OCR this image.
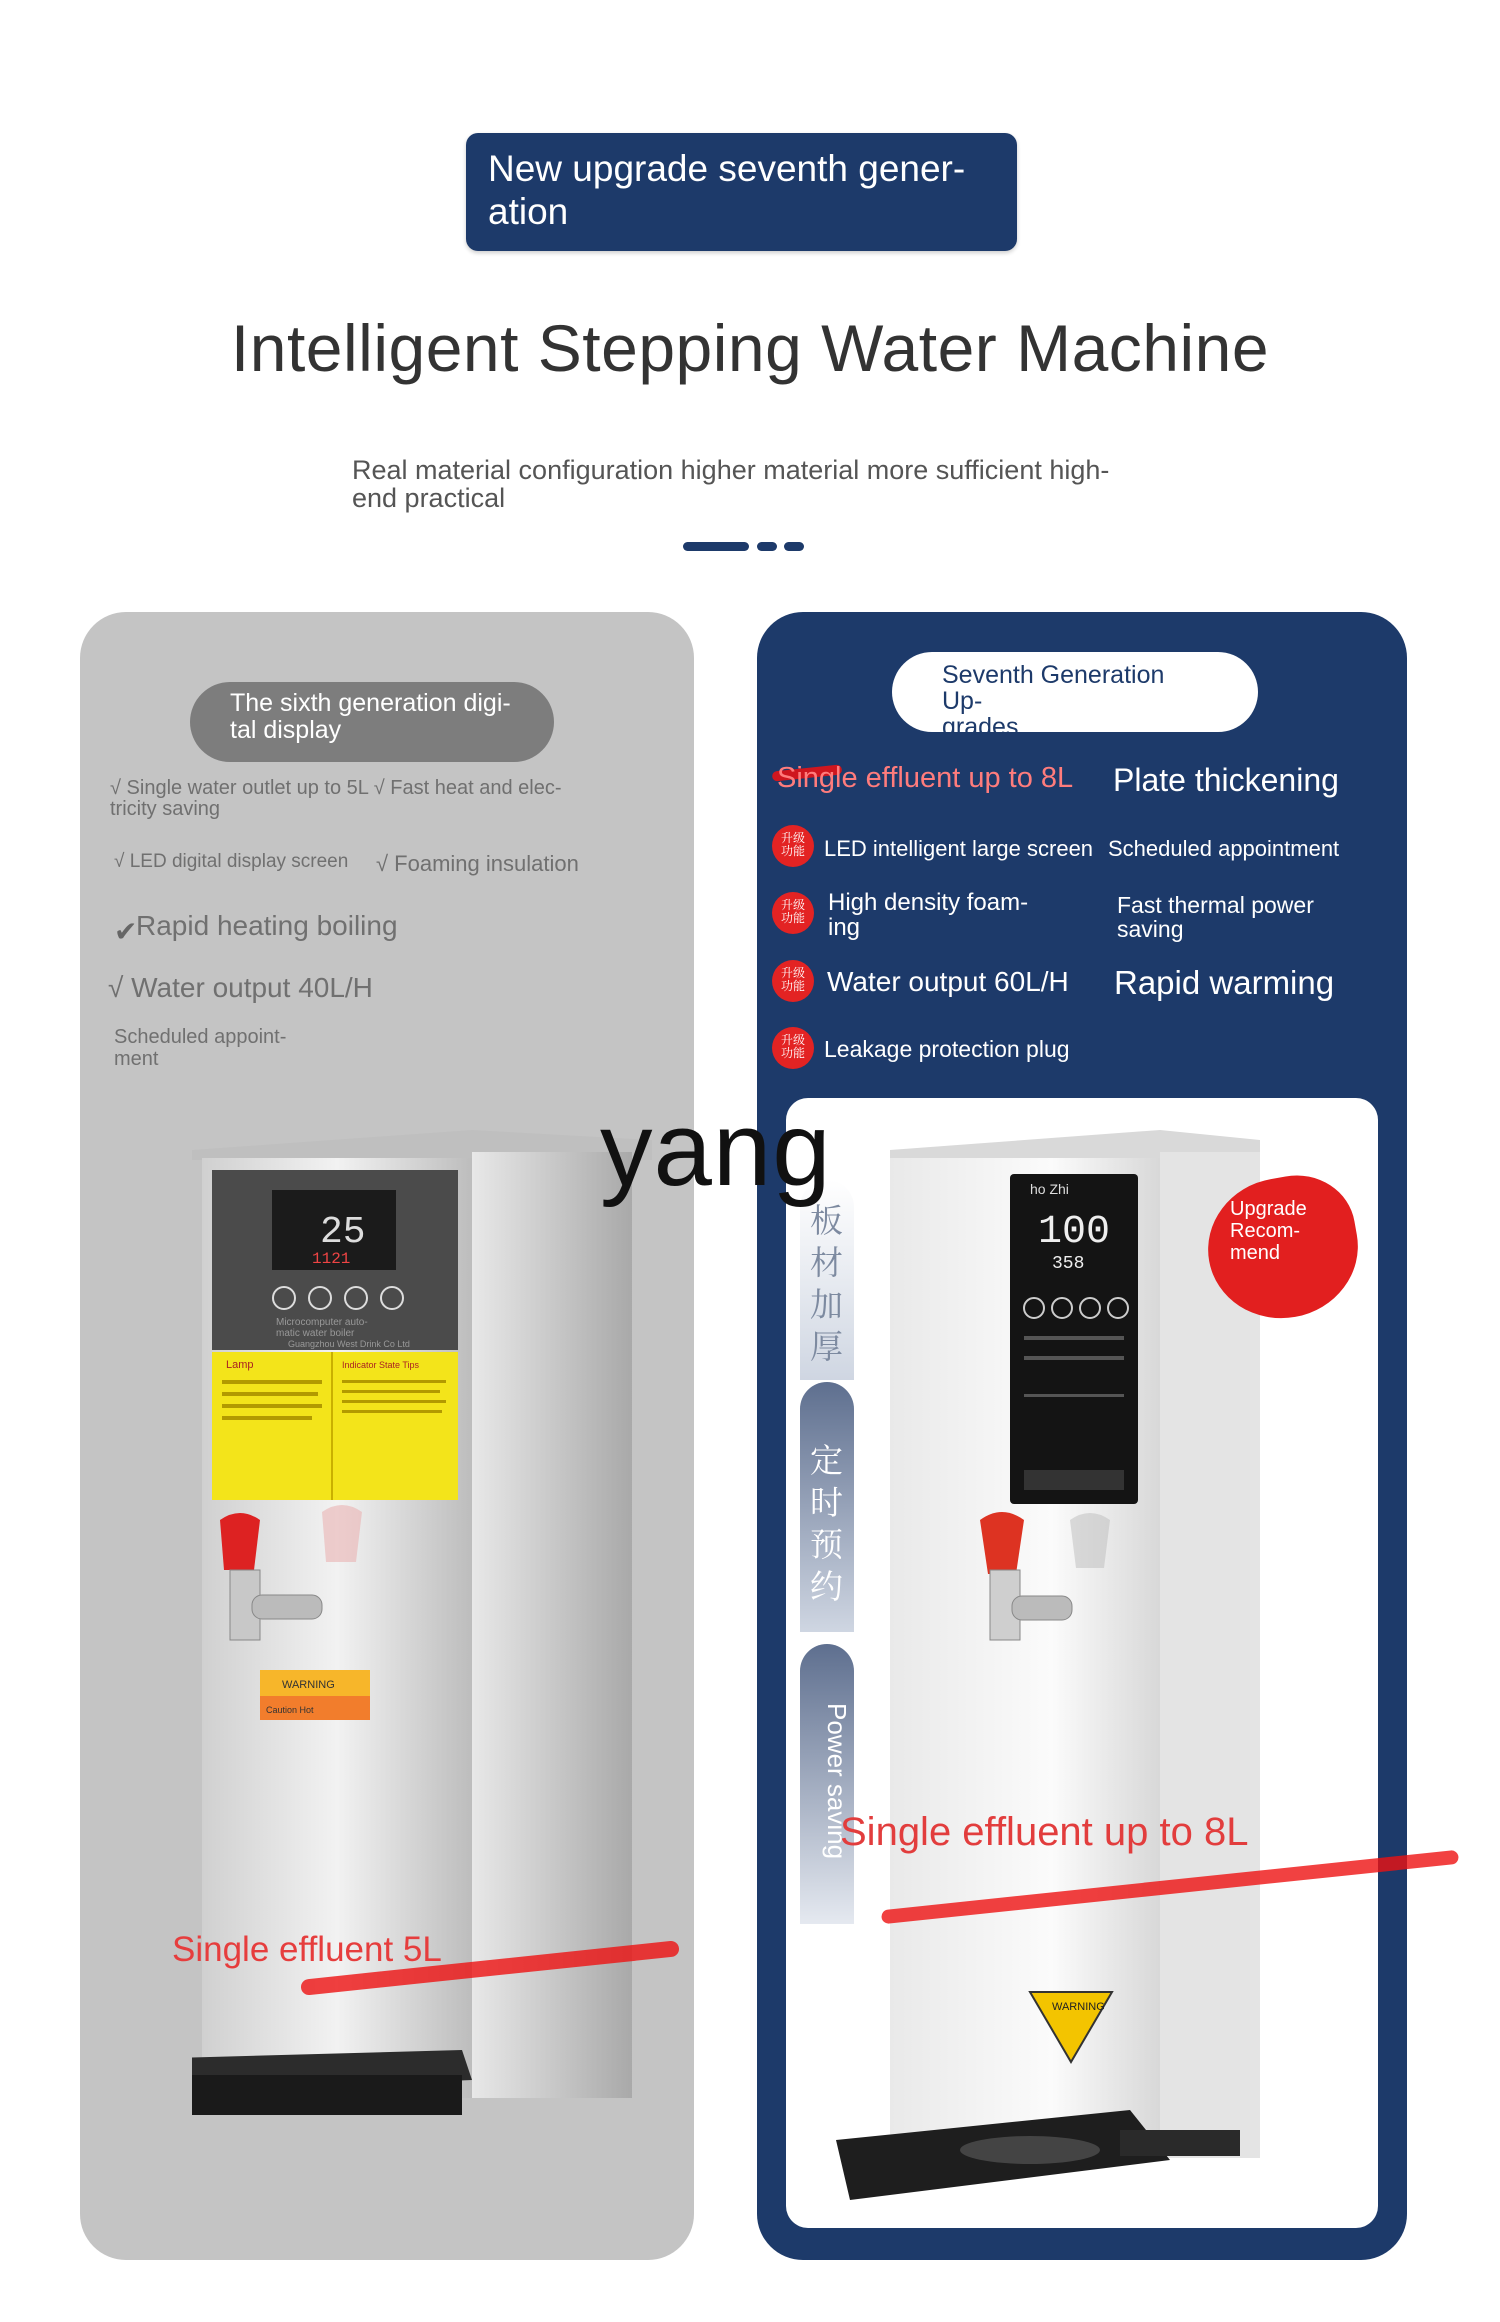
New upgrade seventh gener-
ation
Intelligent Stepping Water Machine
Real material configuration higher material more sufficient high-end practical
The sixth generation digi-
tal display
√ Single water outlet up to 5L √ Fast heat and elec-
tricity saving
√ LED digital display screen √ Foaming insulation
✔
Rapid heating boiling
√ Water output 40L/H
Scheduled appoint-
ment
25
1121
Microcomputer auto-
matic water boiler
Guangzhou West Drink Co Ltd
Lamp	Indicator State Tips
WARNING
Caution Hot
Single effluent 5L
Seventh Generation Up-
grades
Single effluent up to 8L Plate thickening
升级
功能 LED intelligent large screen Scheduled appointment
升级
功能
High density foam-
ing
Fast thermal power
saving
升级
功能 Water output 60L/H Rapid warming
升级
功能 Leakage protection plug
板材加厚
定时预约
Power saving
ho Zhi
100
358
WARNING
Upgrade
Recom-
mend
Single effluent up to 8L
yang
